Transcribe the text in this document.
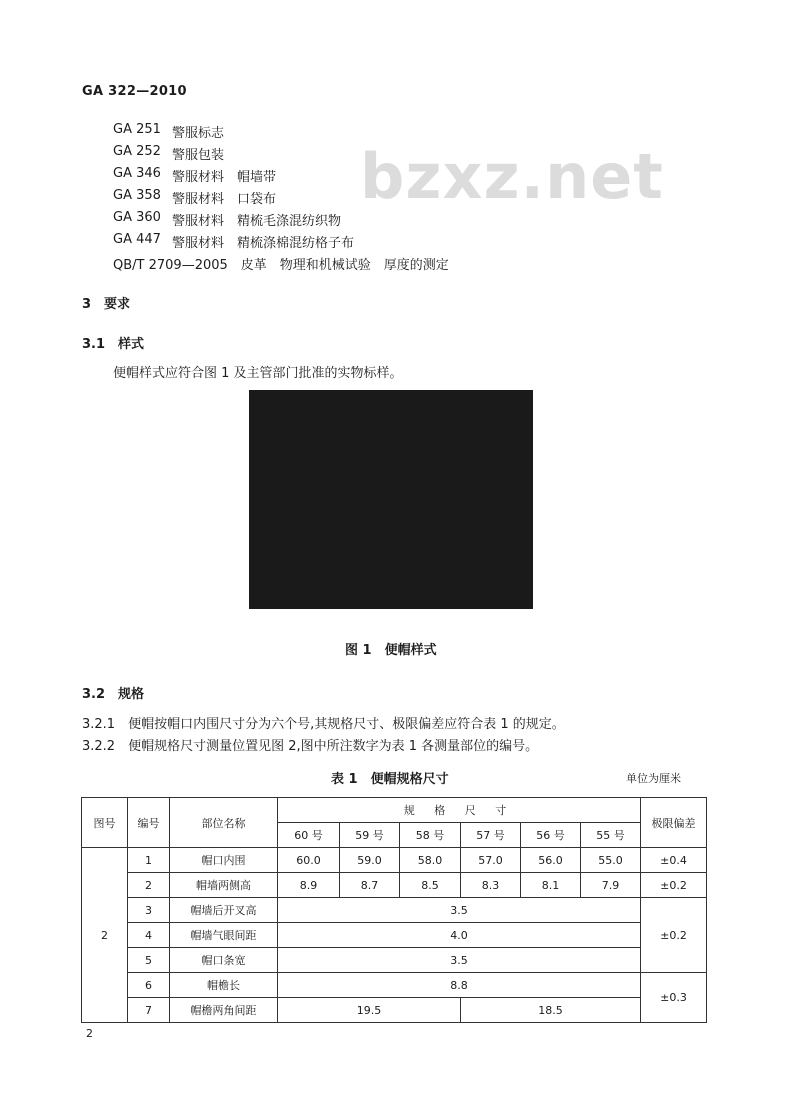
GA 322—2010
bzxz.net
GA 251 警服标志
GA 252 警服包装
GA 346 警服材料　帽墙带
GA 358 警服材料　口袋布
GA 360 警服材料　精梳毛涤混纺织物
GA 447 警服材料　精梳涤棉混纺格子布
QB/T 2709—2005　皮革　物理和机械试验　厚度的测定
3　要求
3.1　样式
便帽样式应符合图 1 及主管部门批准的实物标样。
图 1　便帽样式
3.2　规格
3.2.1　便帽按帽口内围尺寸分为六个号,其规格尺寸、极限偏差应符合表 1 的规定。
3.2.2　便帽规格尺寸测量位置见图 2,图中所注数字为表 1 各测量部位的编号。
表 1　便帽规格尺寸	单位为厘米
图号	编号	部位名称	规 格 尺 寸						极限偏差
			60 号	59 号	58 号	57 号	56 号	55 号	
2	1	帽口内围	60.0	59.0	58.0	57.0	56.0	55.0	±0.4
	2	帽墙两侧高	8.9	8.7	8.5	8.3	8.1	7.9	±0.2
	3	帽墙后开叉高	3.5						±0.2
	4	帽墙气眼间距	4.0						
	5	帽口条宽	3.5						
	6	帽檐长	8.8						±0.3
	7	帽檐两角间距	19.5			18.5			
2
